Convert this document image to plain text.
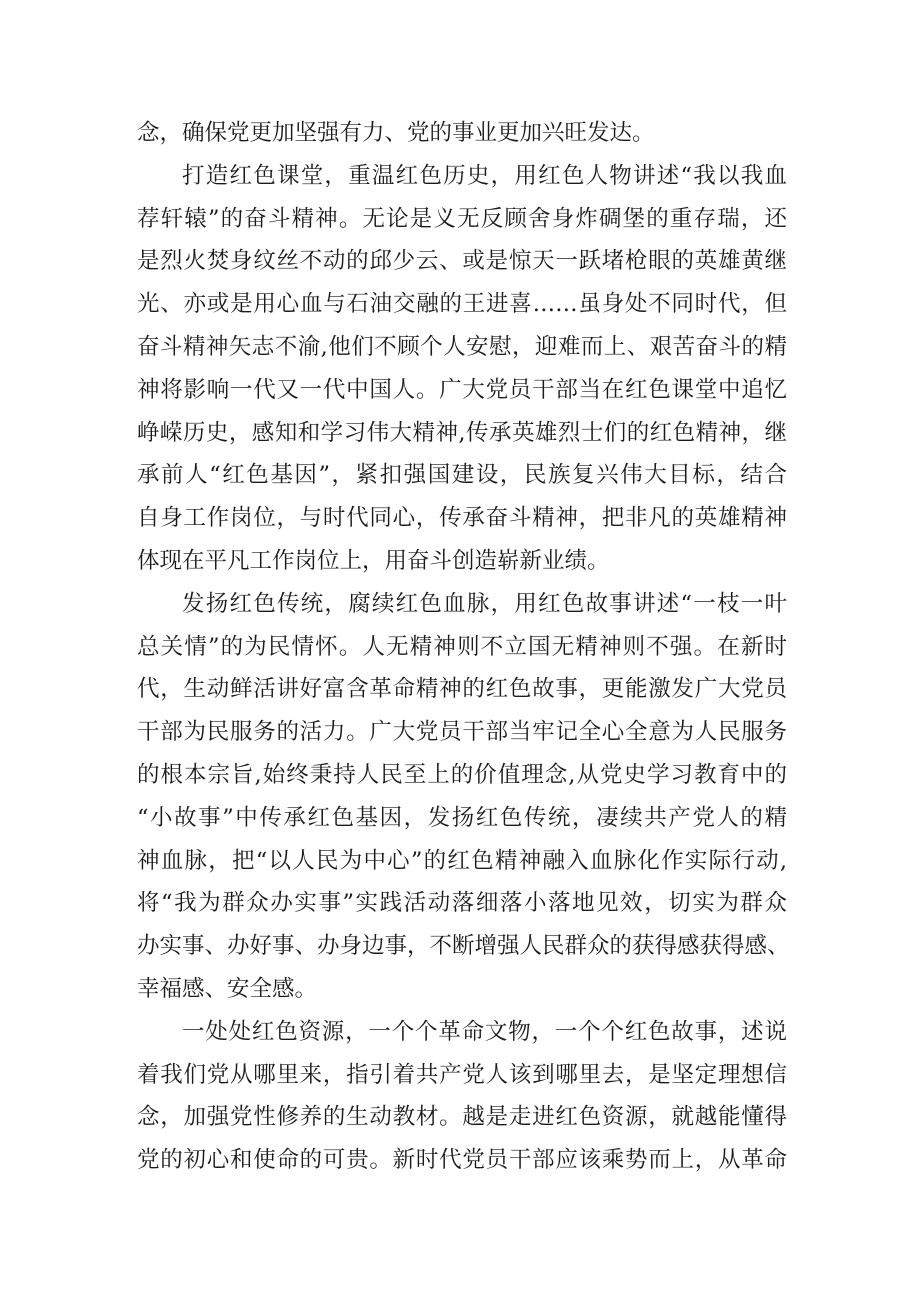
念，确保党更加坚强有力、党的事业更加兴旺发达。
打造红色课堂，重温红色历史，用红色人物讲述“我以我血
荐轩辕”的奋斗精神。无论是义无反顾舍身炸碉堡的重存瑞，还
是烈火焚身纹丝不动的邱少云、或是惊天一跃堵枪眼的英雄黄继
光、亦或是用心血与石油交融的王进喜……虽身处不同时代，但
奋斗精神矢志不渝,他们不顾个人安慰，迎难而上、艰苦奋斗的精
神将影响一代又一代中国人。广大党员干部当在红色课堂中追忆
峥嵘历史，感知和学习伟大精神,传承英雄烈士们的红色精神，继
承前人“红色基因”，紧扣强国建设，民族复兴伟大目标，结合
自身工作岗位，与时代同心，传承奋斗精神，把非凡的英雄精神
体现在平凡工作岗位上，用奋斗创造崭新业绩。
发扬红色传统，腐续红色血脉，用红色故事讲述“一枝一叶
总关情”的为民情怀。人无精神则不立国无精神则不强。在新时
代，生动鲜活讲好富含革命精神的红色故事，更能激发广大党员
干部为民服务的活力。广大党员干部当牢记全心全意为人民服务
的根本宗旨,始终秉持人民至上的价值理念,从党史学习教育中的
“小故事”中传承红色基因，发扬红色传统，凄续共产党人的精
神血脉，把“以人民为中心”的红色精神融入血脉化作实际行动,
将“我为群众办实事”实践活动落细落小落地见效，切实为群众
办实事、办好事、办身边事，不断增强人民群众的获得感获得感、
幸福感、安全感。
一处处红色资源，一个个革命文物，一个个红色故事，述说
着我们党从哪里来，指引着共产党人该到哪里去，是坚定理想信
念，加强党性修养的生动教材。越是走进红色资源，就越能懂得
党的初心和使命的可贵。新时代党员干部应该乘势而上，从革命
